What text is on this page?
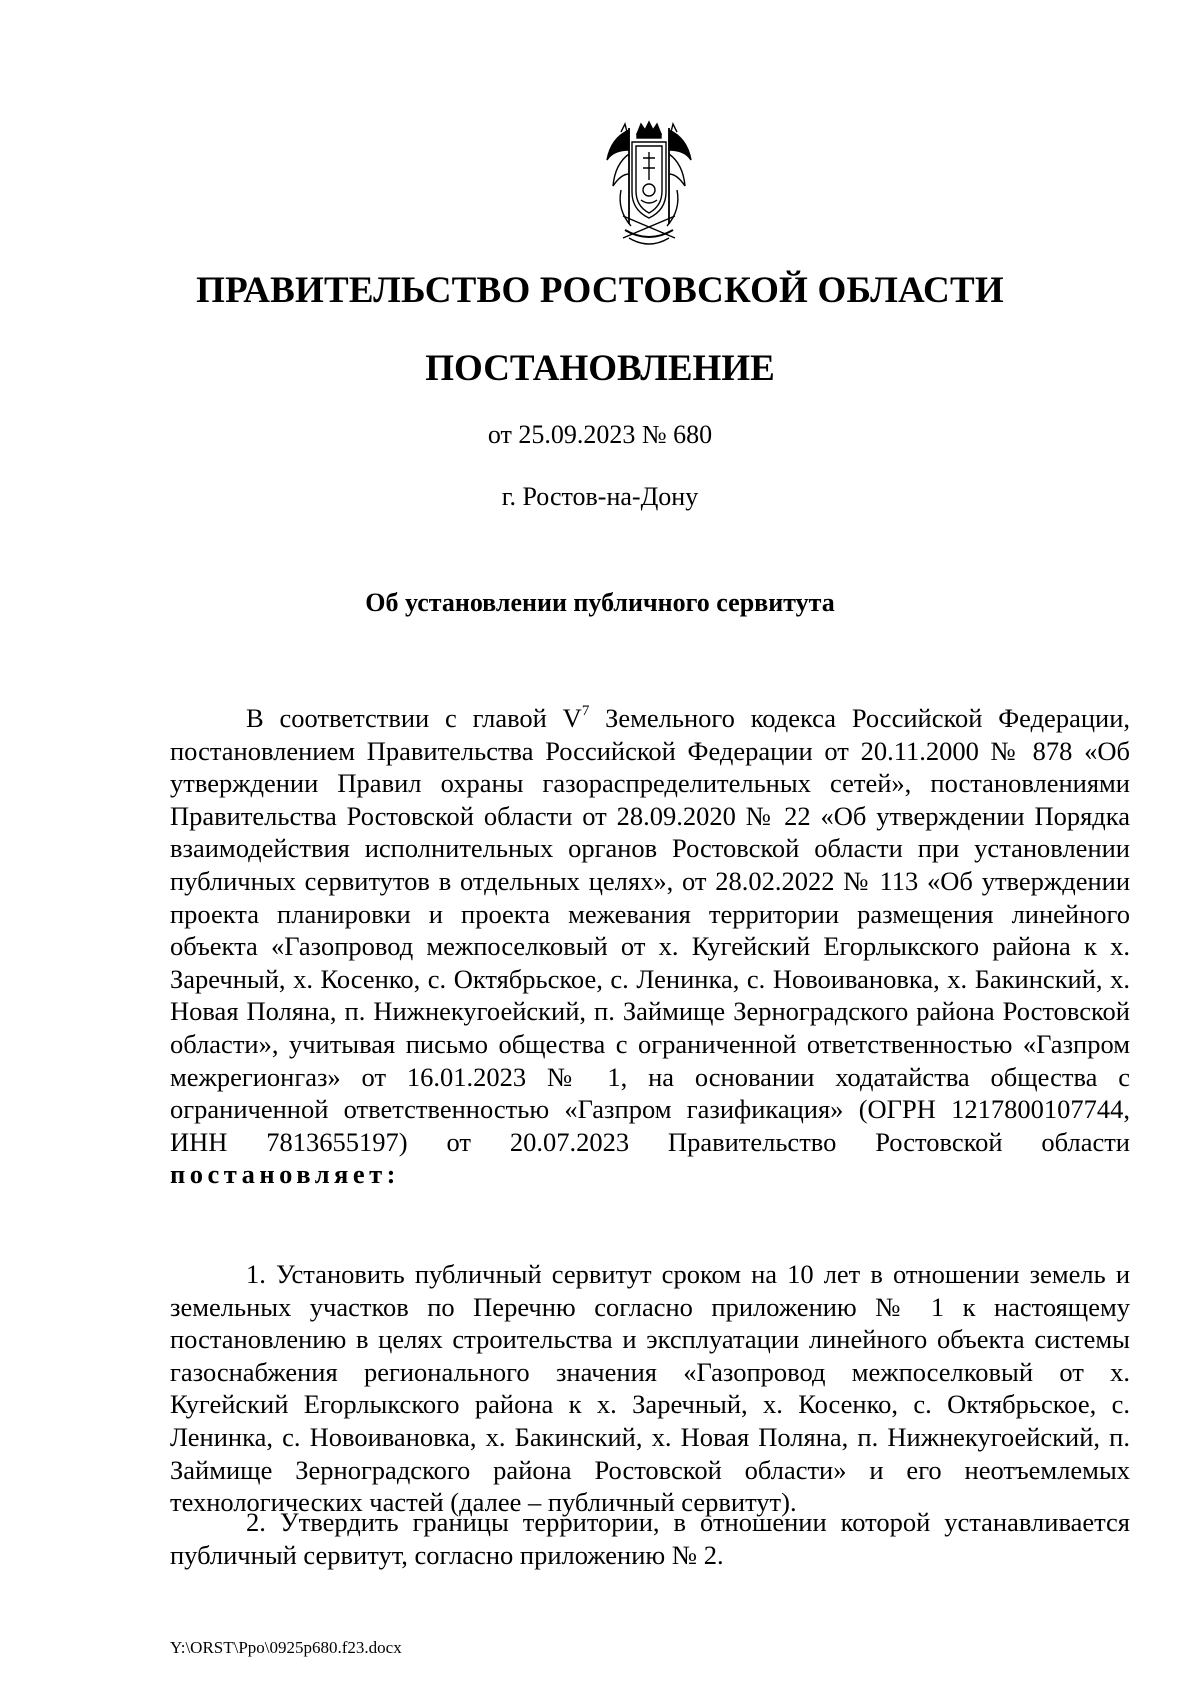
ПРАВИТЕЛЬСТВО РОСТОВСКОЙ ОБЛАСТИ
ПОСТАНОВЛЕНИЕ
от 25.09.2023 № 680
г. Ростов-на-Дону
Об установлении публичного сервитута

В соответствии с главой $V^7$ Земельного кодекса Российской Федерации, постановлением Правительства Российской Федерации от 20.11.2000 № 878 «Об утверждении Правил охраны газораспределительных сетей», постановлениями Правительства Ростовской области от 28.09.2020 № 22 «Об утверждении Порядка взаимодействия исполнительных органов Ростовской области при установлении публичных сервитутов в отдельных целях», от 28.02.2022 № 113 «Об утверждении проекта планировки и проекта межевания территории размещения линейного объекта «Газопровод межпоселковый от х. Кугейский Егорлыкского района к х. Заречный, х. Косенко, с. Октябрьское, с. Ленинка, с. Новоивановка, х. Бакинский, х. Новая Поляна, п. Нижнекугоейский, п. Займище Зерноградского района Ростовской области», учитывая письмо общества с ограниченной ответственностью «Газпром межрегионгаз» от 16.01.2023 № 1, на основании ходатайства общества с ограниченной ответственностью «Газпром газификация» (ОГРН 1217800107744, ИНН 7813655197) от 20.07.2023 Правительство Ростовской области постановляет:

1. Установить публичный сервитут сроком на 10 лет в отношении земель и земельных участков по Перечню согласно приложению № 1 к настоящему постановлению в целях строительства и эксплуатации линейного объекта системы газоснабжения регионального значения «Газопровод межпоселковый от х. Кугейский Егорлыкского района к х. Заречный, х. Косенко, с. Октябрьское, с. Ленинка, с. Новоивановка, х. Бакинский, х. Новая Поляна, п. Нижнекугоейский, п. Займище Зерноградского района Ростовской области» и его неотъемлемых технологических частей (далее – публичный сервитут).

2. Утвердить границы территории, в отношении которой устанавливается публичный сервитут, согласно приложению № 2.

Y:\ORST\Ppo\0925p680.f23.docx
